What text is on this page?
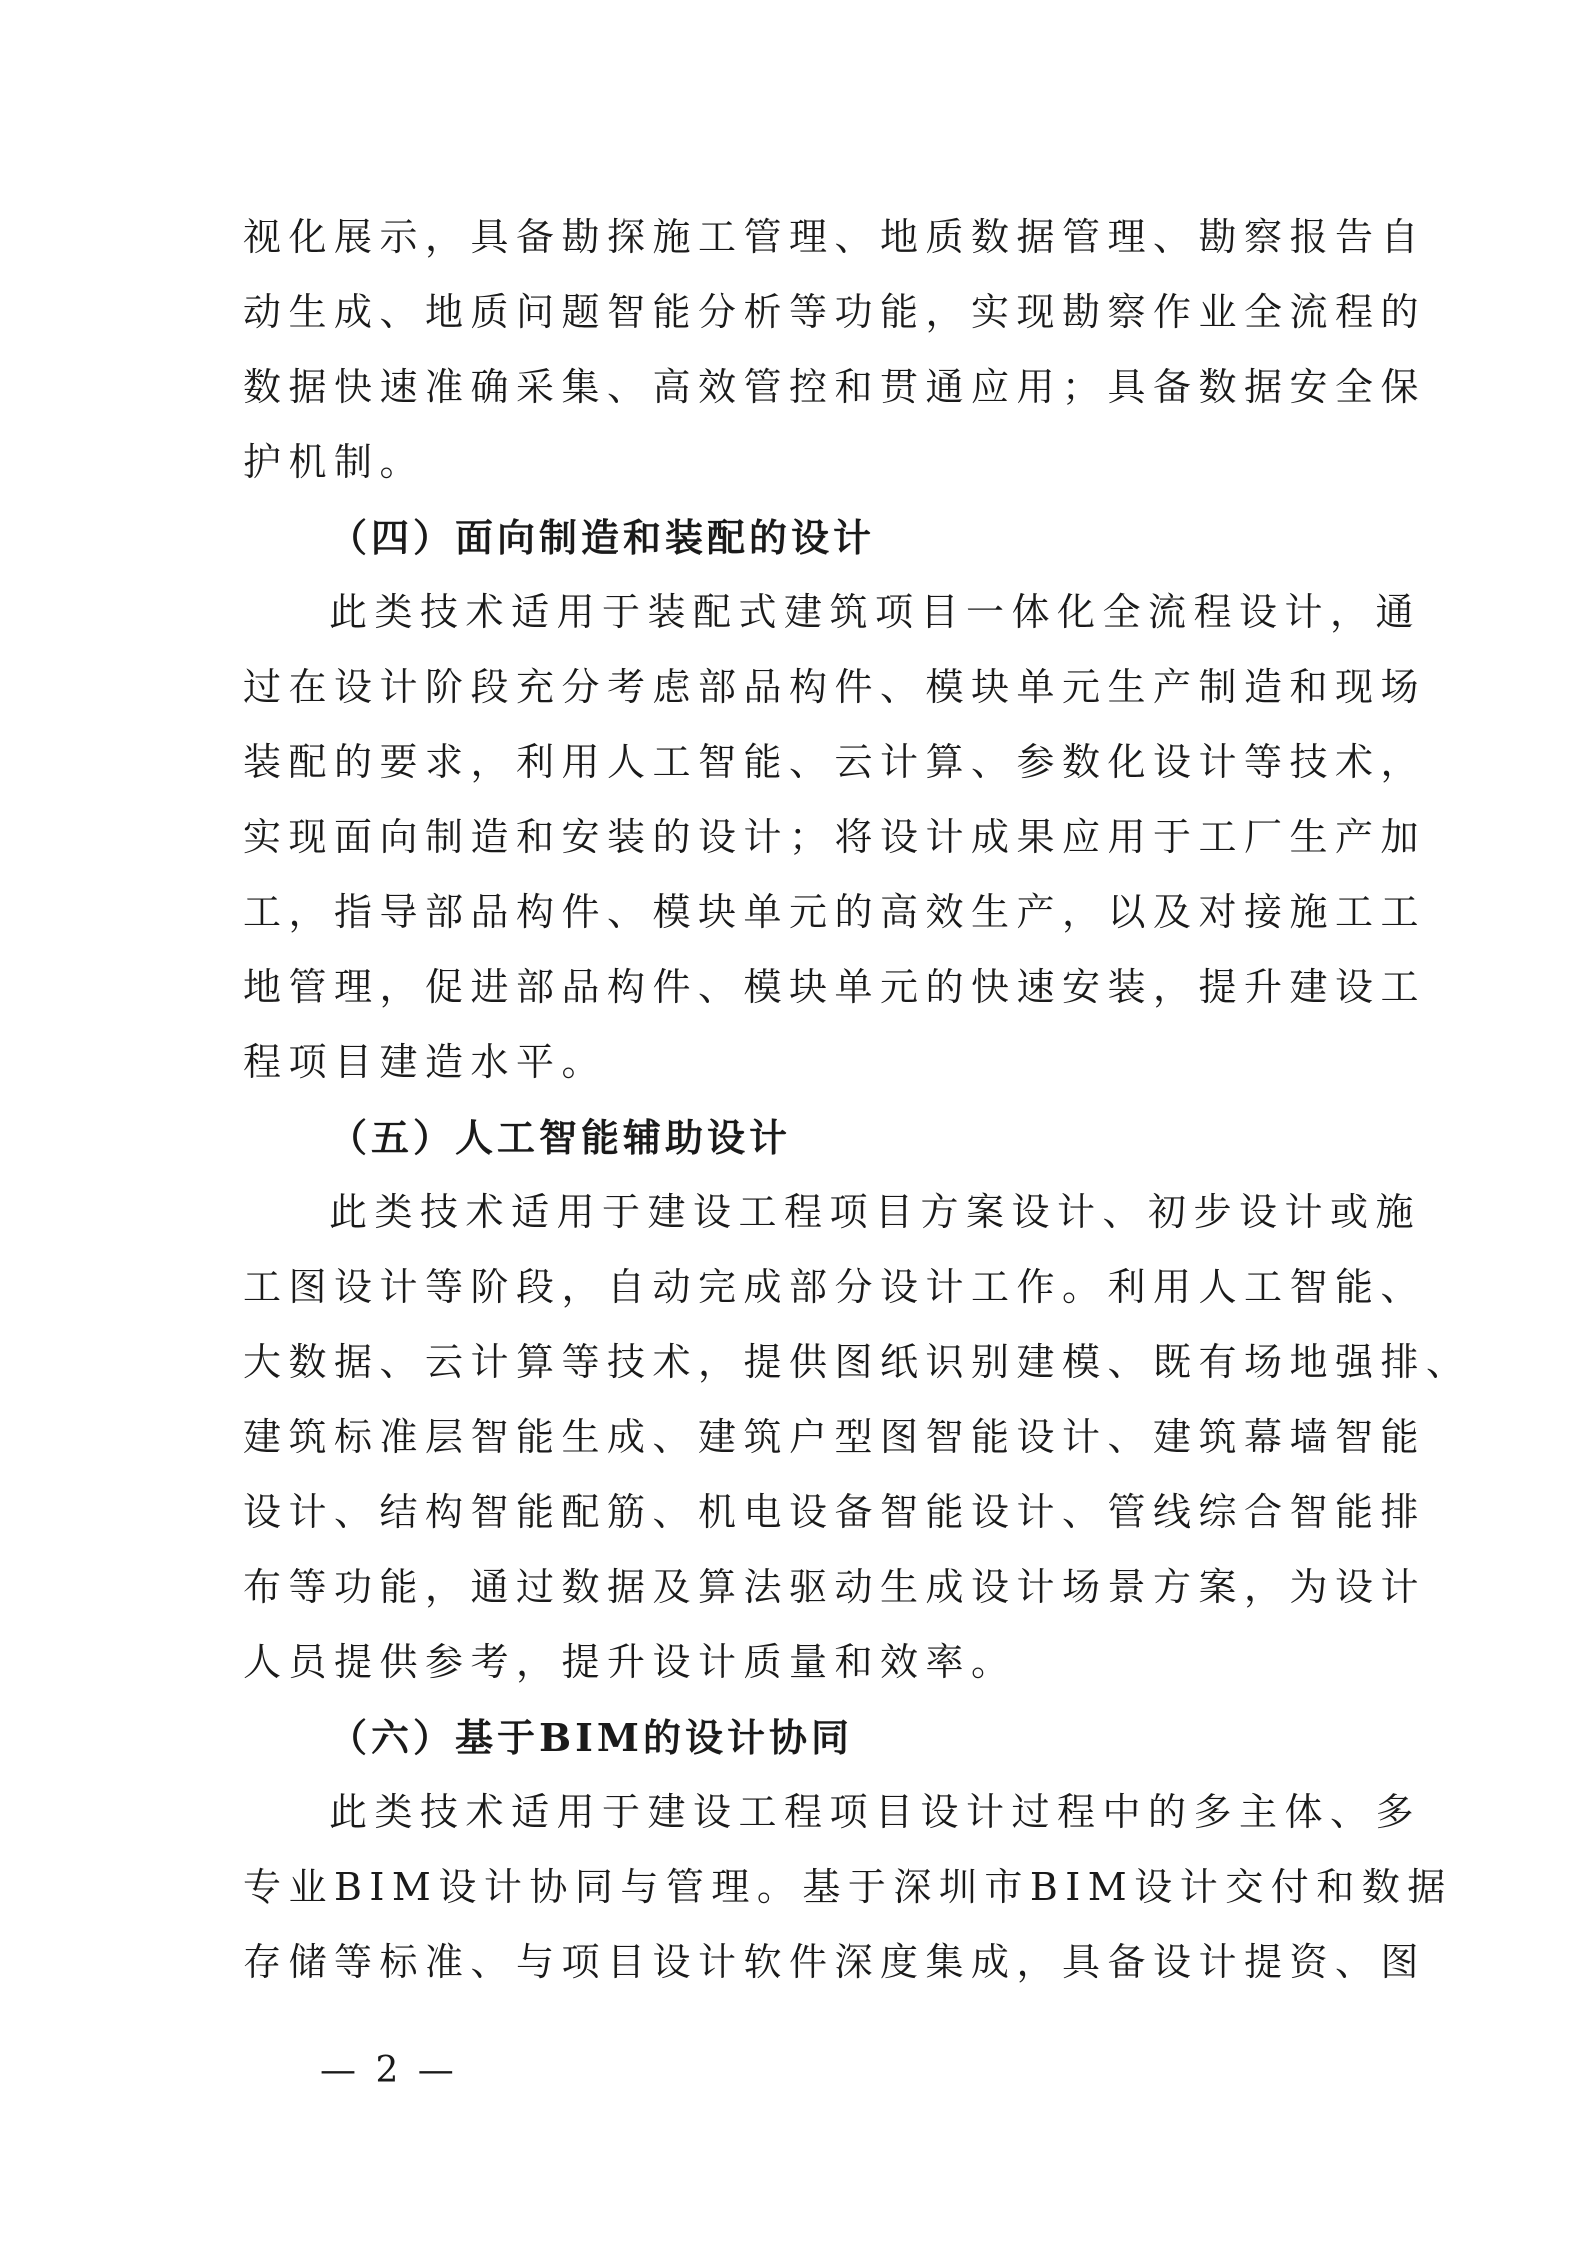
视化展示，具备勘探施工管理、地质数据管理、勘察报告自
动生成、地质问题智能分析等功能，实现勘察作业全流程的
数据快速准确采集、高效管控和贯通应用；具备数据安全保
护机制。
（四）面向制造和装配的设计
此类技术适用于装配式建筑项目一体化全流程设计，通
过在设计阶段充分考虑部品构件、模块单元生产制造和现场
装配的要求，利用人工智能、云计算、参数化设计等技术，
实现面向制造和安装的设计；将设计成果应用于工厂生产加
工，指导部品构件、模块单元的高效生产，以及对接施工工
地管理，促进部品构件、模块单元的快速安装，提升建设工
程项目建造水平。
（五）人工智能辅助设计
此类技术适用于建设工程项目方案设计、初步设计或施
工图设计等阶段，自动完成部分设计工作。利用人工智能、
大数据、云计算等技术，提供图纸识别建模、既有场地强排、
建筑标准层智能生成、建筑户型图智能设计、建筑幕墙智能
设计、结构智能配筋、机电设备智能设计、管线综合智能排
布等功能，通过数据及算法驱动生成设计场景方案，为设计
人员提供参考，提升设计质量和效率。
（六）基于BIM的设计协同
此类技术适用于建设工程项目设计过程中的多主体、多
专业BIM设计协同与管理。基于深圳市BIM设计交付和数据
存储等标准、与项目设计软件深度集成，具备设计提资、图
— 2 —
